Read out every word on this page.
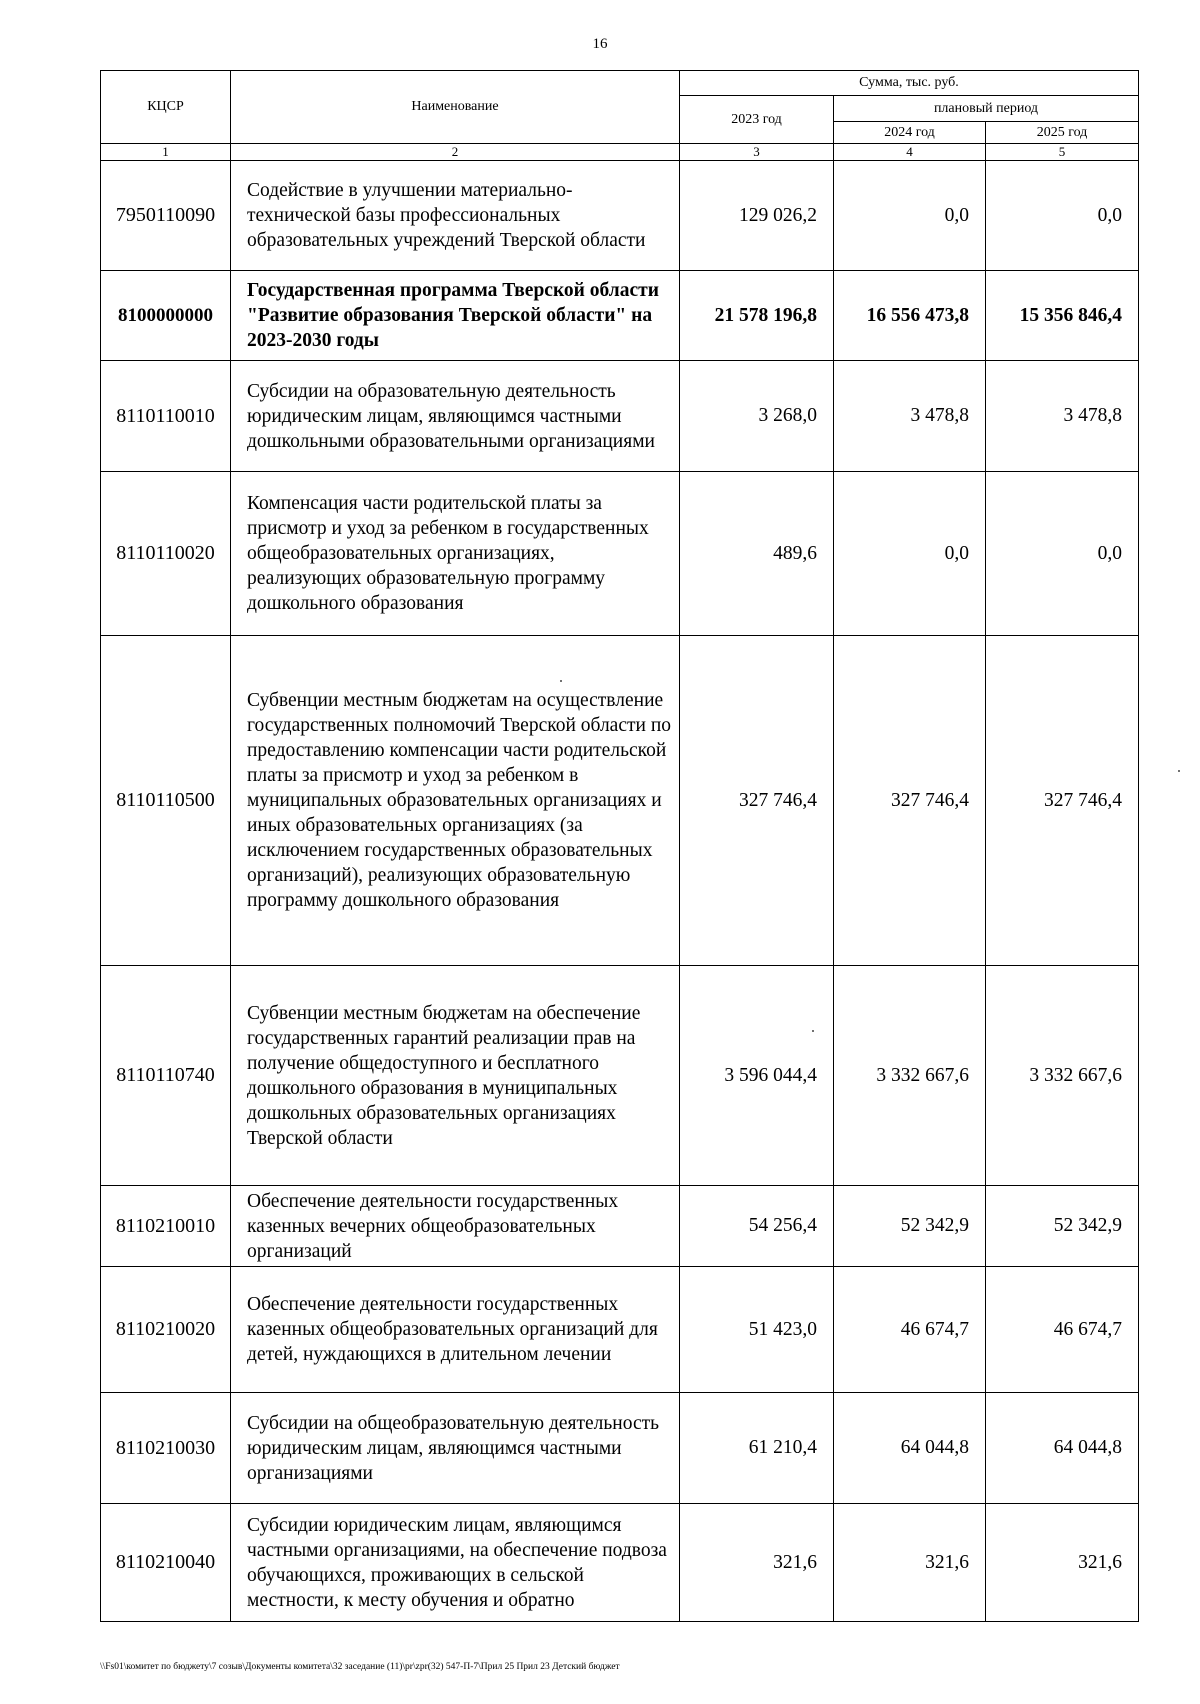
16
КЦСР	Наименование	Сумма, тыс. руб.		
		2023 год	плановый период	
			2024 год	2025 год
1	2	3	4	5
7950110090	Содействие в улучшении материально-технической базы профессиональных образовательных учреждений Тверской области	129 026,2	0,0	0,0
8100000000	Государственная программа Тверской области "Развитие образования Тверской области" на 2023-2030 годы	21 578 196,8	16 556 473,8	15 356 846,4
8110110010	Субсидии на образовательную деятельность юридическим лицам, являющимся частными дошкольными образовательными организациями	3 268,0	3 478,8	3 478,8
8110110020	Компенсация части родительской платы за присмотр и уход за ребенком в государственных общеобразовательных организациях, реализующих образовательную программу дошкольного образования	489,6	0,0	0,0
8110110500	Субвенции местным бюджетам на осуществление государственных полномочий Тверской области по предоставлению компенсации части родительской платы за присмотр и уход за ребенком в муниципальных образовательных организациях и иных образовательных организациях (за исключением государственных образовательных организаций), реализующих образовательную программу дошкольного образования	327 746,4	327 746,4	327 746,4
8110110740	Субвенции местным бюджетам на обеспечение государственных гарантий реализации прав на получение общедоступного и бесплатного дошкольного образования в муниципальных дошкольных образовательных организациях Тверской области	3 596 044,4	3 332 667,6	3 332 667,6
8110210010	Обеспечение деятельности государственных казенных вечерних общеобразовательных организаций	54 256,4	52 342,9	52 342,9
8110210020	Обеспечение деятельности государственных казенных общеобразовательных организаций для детей, нуждающихся в длительном лечении	51 423,0	46 674,7	46 674,7
8110210030	Субсидии на общеобразовательную деятельность юридическим лицам, являющимся частными организациями	61 210,4	64 044,8	64 044,8
8110210040	Субсидии юридическим лицам, являющимся частными организациями, на обеспечение подвоза обучающихся, проживающих в сельской местности, к месту обучения и обратно	321,6	321,6	321,6
\\Fs01\комитет по бюджету\7 созыв\Документы комитета\32 заседание (11)\pr\zpr(32) 547-П-7\Прил 25 Прил 23 Детский бюджет
